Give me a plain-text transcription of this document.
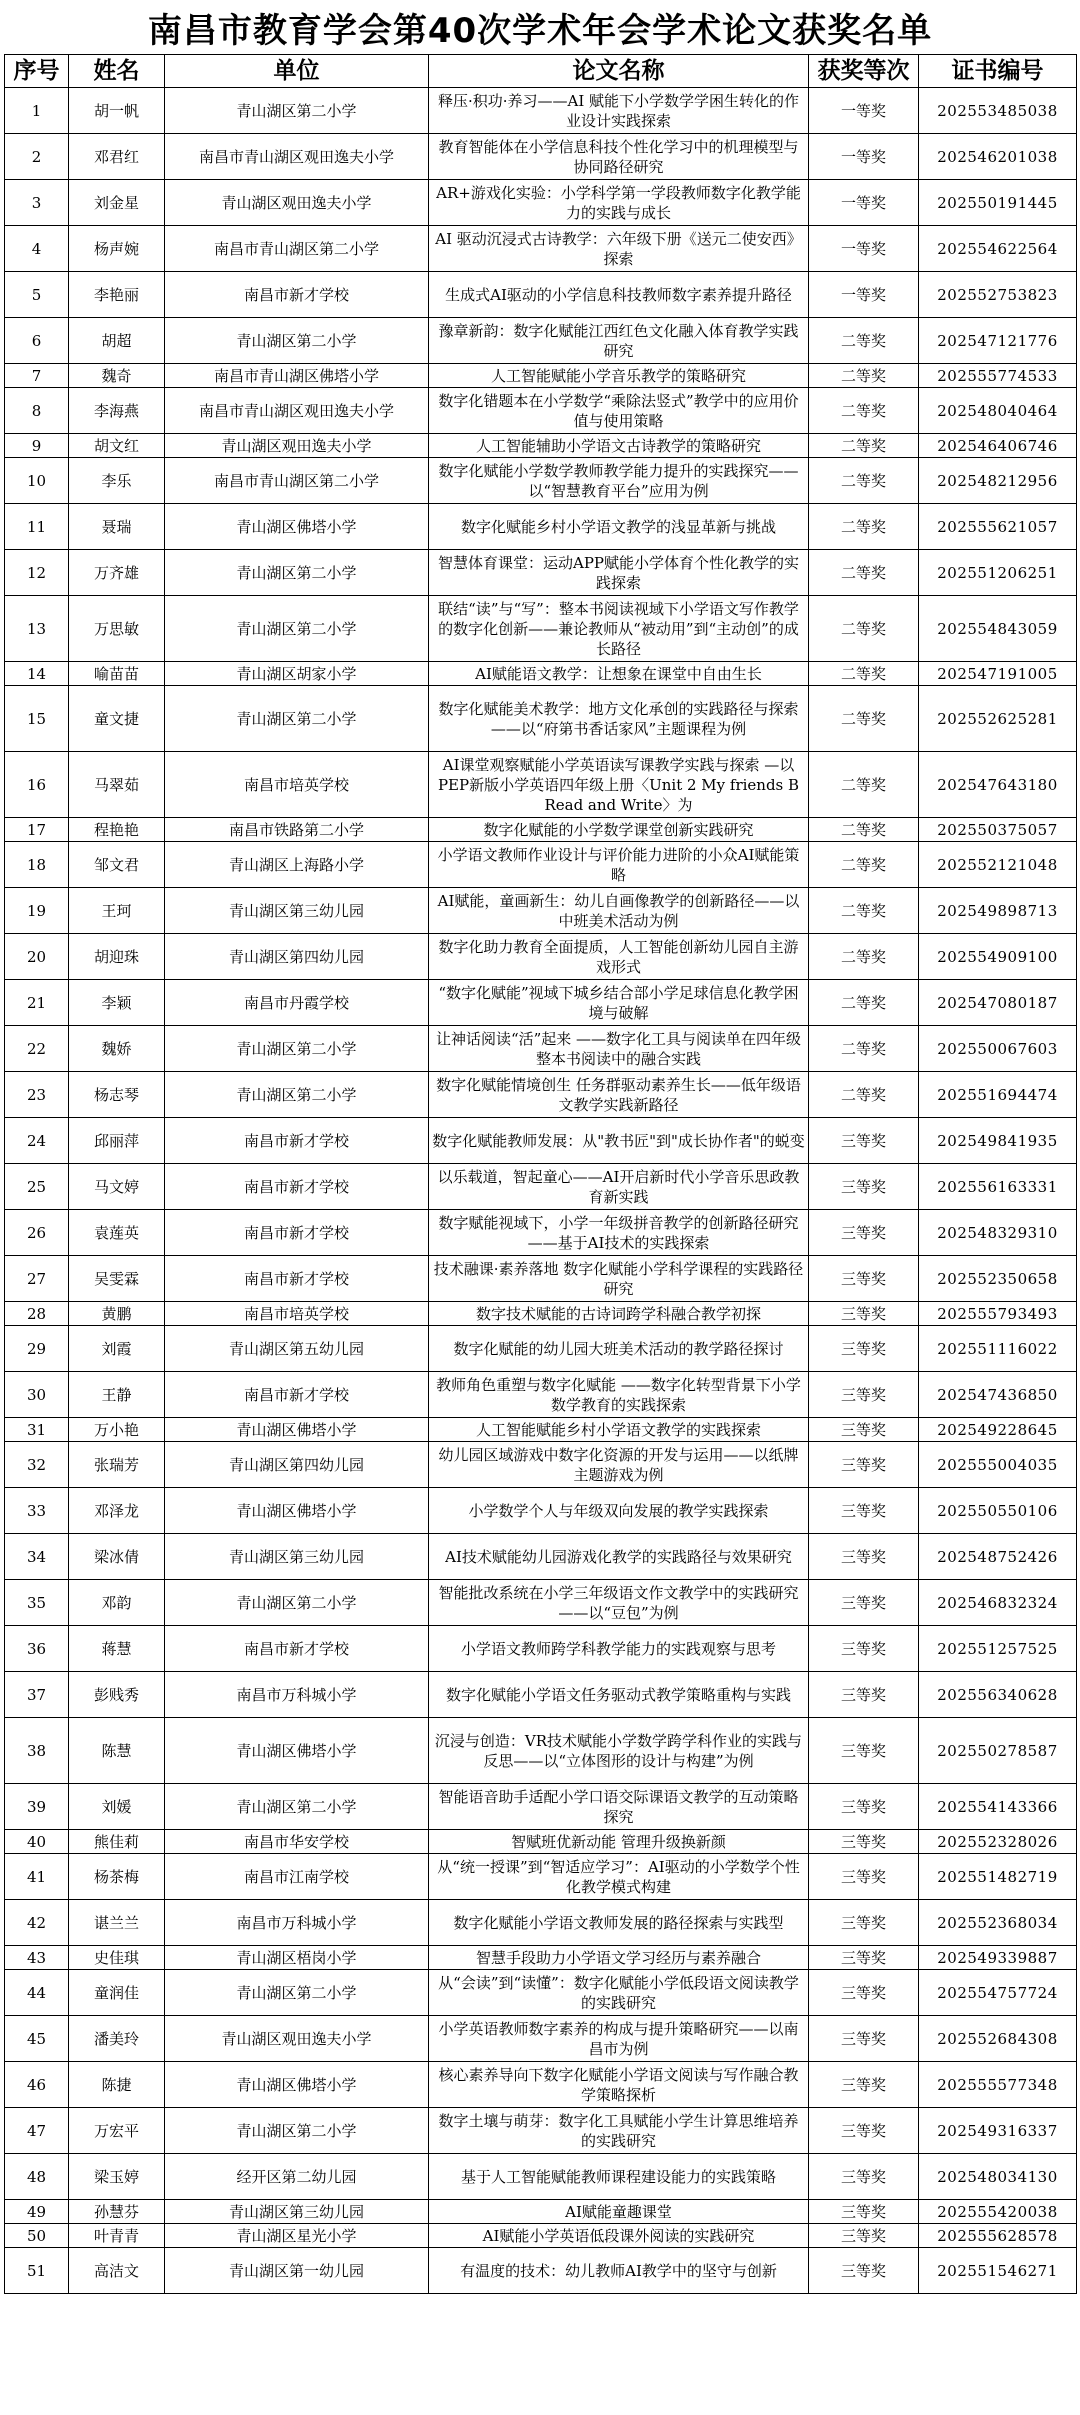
南昌市教育学会第40次学术年会学术论文获奖名单
序号	姓名	单位	论文名称	获奖等次	证书编号
1	胡一帆	青山湖区第二小学	释压·积功·养习——AI 赋能下小学数学学困生转化的作业设计实践探索	一等奖	202553485038
2	邓君红	南昌市青山湖区观田逸夫小学	教育智能体在小学信息科技个性化学习中的机理模型与协同路径研究	一等奖	202546201038
3	刘金星	青山湖区观田逸夫小学	AR+游戏化实验：小学科学第一学段教师数字化教学能力的实践与成长	一等奖	202550191445
4	杨声婉	南昌市青山湖区第二小学	AI 驱动沉浸式古诗教学：六年级下册《送元二使安西》探索	一等奖	202554622564
5	李艳丽	南昌市新才学校	生成式AI驱动的小学信息科技教师数字素养提升路径	一等奖	202552753823
6	胡超	青山湖区第二小学	豫章新韵：数字化赋能江西红色文化融入体育教学实践研究	二等奖	202547121776
7	魏奇	南昌市青山湖区佛塔小学	人工智能赋能小学音乐教学的策略研究	二等奖	202555774533
8	李海燕	南昌市青山湖区观田逸夫小学	数字化错题本在小学数学“乘除法竖式”教学中的应用价值与使用策略	二等奖	202548040464
9	胡文红	青山湖区观田逸夫小学	人工智能辅助小学语文古诗教学的策略研究	二等奖	202546406746
10	李乐	南昌市青山湖区第二小学	数字化赋能小学数学教师教学能力提升的实践探究——以“智慧教育平台”应用为例	二等奖	202548212956
11	聂瑞	青山湖区佛塔小学	数字化赋能乡村小学语文教学的浅显革新与挑战	二等奖	202555621057
12	万齐雄	青山湖区第二小学	智慧体育课堂：运动APP赋能小学体育个性化教学的实践探索	二等奖	202551206251
13	万思敏	青山湖区第二小学	联结“读”与“写”：整本书阅读视域下小学语文写作教学的数字化创新——兼论教师从“被动用”到“主动创”的成长路径	二等奖	202554843059
14	喻苗苗	青山湖区胡家小学	AI赋能语文教学：让想象在课堂中自由生长	二等奖	202547191005
15	童文捷	青山湖区第二小学	数字化赋能美术教学：地方文化承创的实践路径与探索——以“府第书香话家风”主题课程为例	二等奖	202552625281
16	马翠茹	南昌市培英学校	AI课堂观察赋能小学英语读写课教学实践与探索 —以PEP新版小学英语四年级上册〈Unit 2 My friends B Read and Write〉为	二等奖	202547643180
17	程艳艳	南昌市铁路第二小学	数字化赋能的小学数学课堂创新实践研究	二等奖	202550375057
18	邹文君	青山湖区上海路小学	小学语文教师作业设计与评价能力进阶的小众AI赋能策略	二等奖	202552121048
19	王珂	青山湖区第三幼儿园	AI赋能，童画新生：幼儿自画像教学的创新路径——以中班美术活动为例	二等奖	202549898713
20	胡迎珠	青山湖区第四幼儿园	数字化助力教育全面提质，人工智能创新幼儿园自主游戏形式	二等奖	202554909100
21	李颖	南昌市丹霞学校	“数字化赋能”视域下城乡结合部小学足球信息化教学困境与破解	二等奖	202547080187
22	魏娇	青山湖区第二小学	让神话阅读“活”起来 ——数字化工具与阅读单在四年级整本书阅读中的融合实践	二等奖	202550067603
23	杨志琴	青山湖区第二小学	数字化赋能情境创生 任务群驱动素养生长——低年级语文教学实践新路径	二等奖	202551694474
24	邱丽萍	南昌市新才学校	数字化赋能教师发展：从"教书匠"到"成长协作者"的蜕变	三等奖	202549841935
25	马文婷	南昌市新才学校	以乐载道，智起童心——AI开启新时代小学音乐思政教育新实践	三等奖	202556163331
26	袁莲英	南昌市新才学校	数字赋能视域下，小学一年级拼音教学的创新路径研究 ——基于AI技术的实践探索	三等奖	202548329310
27	吴雯霖	南昌市新才学校	技术融课·素养落地 数字化赋能小学科学课程的实践路径研究	三等奖	202552350658
28	黄鹏	南昌市培英学校	数字技术赋能的古诗词跨学科融合教学初探	三等奖	202555793493
29	刘霞	青山湖区第五幼儿园	数字化赋能的幼儿园大班美术活动的教学路径探讨	三等奖	202551116022
30	王静	南昌市新才学校	教师角色重塑与数字化赋能 ——数字化转型背景下小学数学教育的实践探索	三等奖	202547436850
31	万小艳	青山湖区佛塔小学	人工智能赋能乡村小学语文教学的实践探索	三等奖	202549228645
32	张瑞芳	青山湖区第四幼儿园	幼儿园区域游戏中数字化资源的开发与运用——以纸牌主题游戏为例	三等奖	202555004035
33	邓泽龙	青山湖区佛塔小学	小学数学个人与年级双向发展的教学实践探索	三等奖	202550550106
34	梁冰倩	青山湖区第三幼儿园	AI技术赋能幼儿园游戏化教学的实践路径与效果研究	三等奖	202548752426
35	邓韵	青山湖区第二小学	智能批改系统在小学三年级语文作文教学中的实践研究——以“豆包”为例	三等奖	202546832324
36	蒋慧	南昌市新才学校	小学语文教师跨学科教学能力的实践观察与思考	三等奖	202551257525
37	彭贱秀	南昌市万科城小学	数字化赋能小学语文任务驱动式教学策略重构与实践	三等奖	202556340628
38	陈慧	青山湖区佛塔小学	沉浸与创造：VR技术赋能小学数学跨学科作业的实践与反思——以“立体图形的设计与构建”为例	三等奖	202550278587
39	刘媛	青山湖区第二小学	智能语音助手适配小学口语交际课语文教学的互动策略 探究	三等奖	202554143366
40	熊佳莉	南昌市华安学校	智赋班优新动能 管理升级换新颜	三等奖	202552328026
41	杨茶梅	南昌市江南学校	从“统一授课”到“智适应学习”：AI驱动的小学数学个性化教学模式构建	三等奖	202551482719
42	谌兰兰	南昌市万科城小学	数字化赋能小学语文教师发展的路径探索与实践型	三等奖	202552368034
43	史佳琪	青山湖区梧岗小学	智慧手段助力小学语文学习经历与素养融合	三等奖	202549339887
44	童润佳	青山湖区第二小学	从“会读”到“读懂”：数字化赋能小学低段语文阅读教学的实践研究	三等奖	202554757724
45	潘美玲	青山湖区观田逸夫小学	小学英语教师数字素养的构成与提升策略研究——以南昌市为例	三等奖	202552684308
46	陈捷	青山湖区佛塔小学	核心素养导向下数字化赋能小学语文阅读与写作融合教学策略探析	三等奖	202555577348
47	万宏平	青山湖区第二小学	数字土壤与萌芽：数字化工具赋能小学生计算思维培养的实践研究	三等奖	202549316337
48	梁玉婷	经开区第二幼儿园	基于人工智能赋能教师课程建设能力的实践策略	三等奖	202548034130
49	孙慧芬	青山湖区第三幼儿园	AI赋能童趣课堂	三等奖	202555420038
50	叶青青	青山湖区星光小学	AI赋能小学英语低段课外阅读的实践研究	三等奖	202555628578
51	高洁文	青山湖区第一幼儿园	有温度的技术：幼儿教师AI教学中的坚守与创新	三等奖	202551546271
